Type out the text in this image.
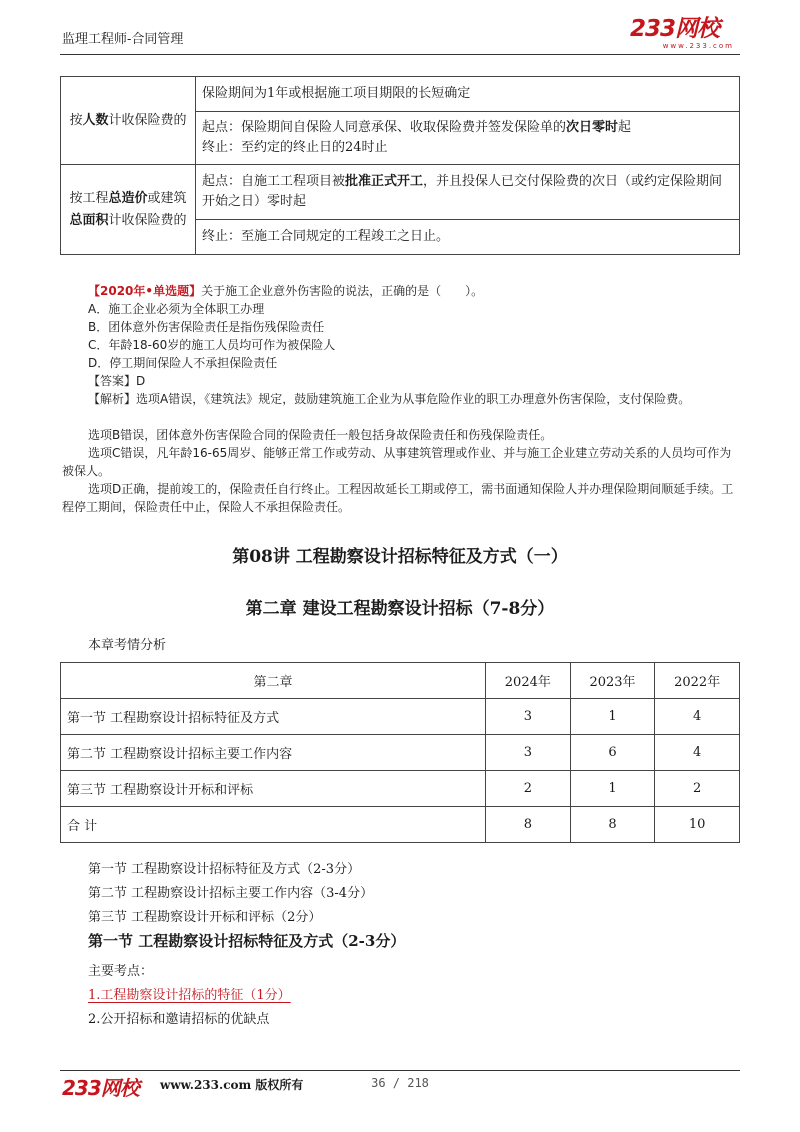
监理工程师-合同管理	233网校
www.233.com
按人数计收保险费的	保险期间为1年或根据施工项目期限的长短确定

	起点：保险期间自保险人同意承保、收取保险费并签发保险单的次日零时起
终止：至约定的终止日的24时止

按工程总造价或建筑总面积计收保险费的	起点：自施工工程项目被批准正式开工，并且投保人已交付保险费的次日（或约定保险期间开始之日）零时起
	终止：至施工合同规定的工程竣工之日止。
【2020年•单选题】关于施工企业意外伤害险的说法，正确的是（　　）。
A．施工企业必须为全体职工办理
B．团体意外伤害保险责任是指伤残保险责任
C．年龄18-60岁的施工人员均可作为被保险人
D．停工期间保险人不承担保险责任
【答案】D
【解析】选项A错误，《建筑法》规定，鼓励建筑施工企业为从事危险作业的职工办理意外伤害保险，支付保险费。
选项B错误，团体意外伤害保险合同的保险责任一般包括身故保险责任和伤残保险责任。
选项C错误，凡年龄16-65周岁、能够正常工作或劳动、从事建筑管理或作业、并与施工企业建立劳动关系的人员均可作为被保人。
选项D正确，提前竣工的，保险责任自行终止。工程因故延长工期或停工，需书面通知保险人并办理保险期间顺延手续。工程停工期间，保险责任中止，保险人不承担保险责任。
第08讲 工程勘察设计招标特征及方式（一）
第二章 建设工程勘察设计招标（7-8分）
本章考情分析
第二章	2024年	2023年	2022年
第一节 工程勘察设计招标特征及方式	3	1	4
第二节 工程勘察设计招标主要工作内容	3	6	4
第三节 工程勘察设计开标和评标	2	1	2
合 计	8	8	10
第一节 工程勘察设计招标特征及方式（2-3分）
第二节 工程勘察设计招标主要工作内容（3-4分）
第三节 工程勘察设计开标和评标（2分）
第一节 工程勘察设计招标特征及方式（2-3分）
主要考点：
1.工程勘察设计招标的特征（1分）
2.公开招标和邀请招标的优缺点
233网校 www.233.com 版权所有	36 / 218
